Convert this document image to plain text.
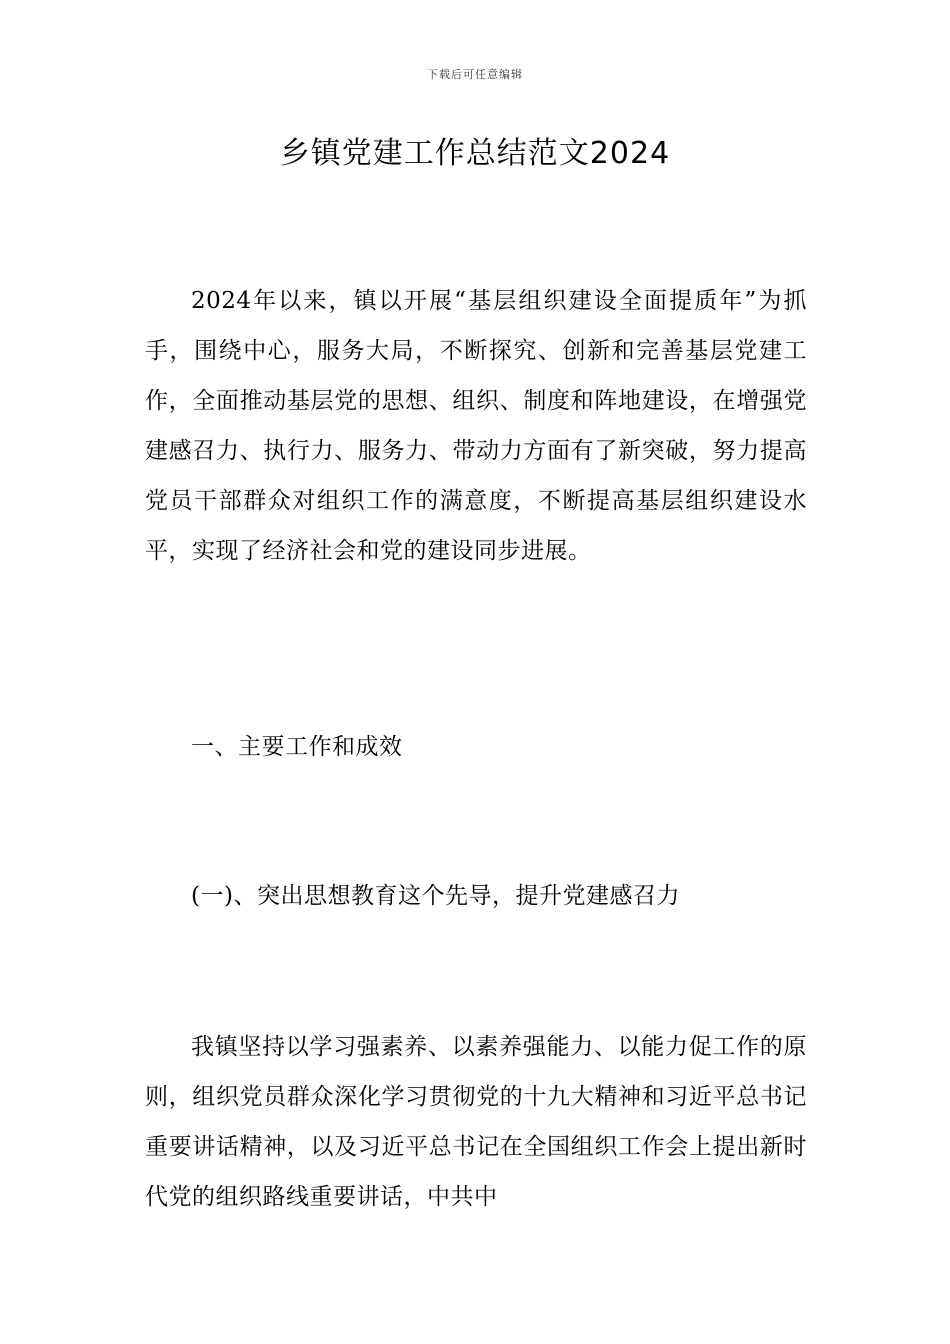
下载后可任意编辑
乡镇党建工作总结范文2024

2024年以来，镇以开展“基层组织建设全面提质年”为抓 手，围绕中心，服务大局，不断探究、创新和完善基层党建工作，全面推动基层党的思想、组织、制度和阵地建设，在增强党建感召力、执行力、服务力、带动力方面有了新突破，努力提高党员干部群众对组织工作的满意度，不断提高基层组织建设水平，实现了经济社会和党的建设同步进展。

一、主要工作和成效

(一)、突出思想教育这个先导，提升党建感召力

我镇坚持以学习强素养、以素养强能力、以能力促工作的原则，组织党员群众深化学习贯彻党的十九大精神和习近平总书记重要讲话精神，以及习近平总书记在全国组织工作会上提出新时代党的组织路线重要讲话，中共中
